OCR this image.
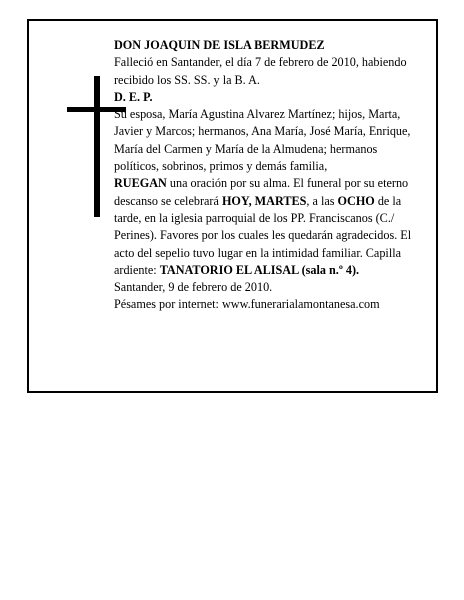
DON JOAQUIN DE ISLA BERMUDEZ

Falleció en Santander, el día 7 de febrero de 2010, habiendo recibido los SS. SS. y la B. A.

D. E. P.

Su esposa, María Agustina Alvarez Martínez; hijos, Marta, Javier y Marcos; hermanos, Ana María, José María, Enrique, María del Carmen y María de la Almudena; hermanos políticos, sobrinos, primos y demás familia,

RUEGAN una oración por su alma. El funeral por su eterno descanso se celebrará HOY, MARTES, a las OCHO de la tarde, en la iglesia parroquial de los PP. Franciscanos (C./ Perines). Favores por los cuales les quedarán agradecidos. El acto del sepelio tuvo lugar en la intimidad familiar. Capilla ardiente: TANATORIO EL ALISAL (sala n.º 4).

Santander, 9 de febrero de 2010.

Pésames por internet: www.funerarialamontanesa.com
